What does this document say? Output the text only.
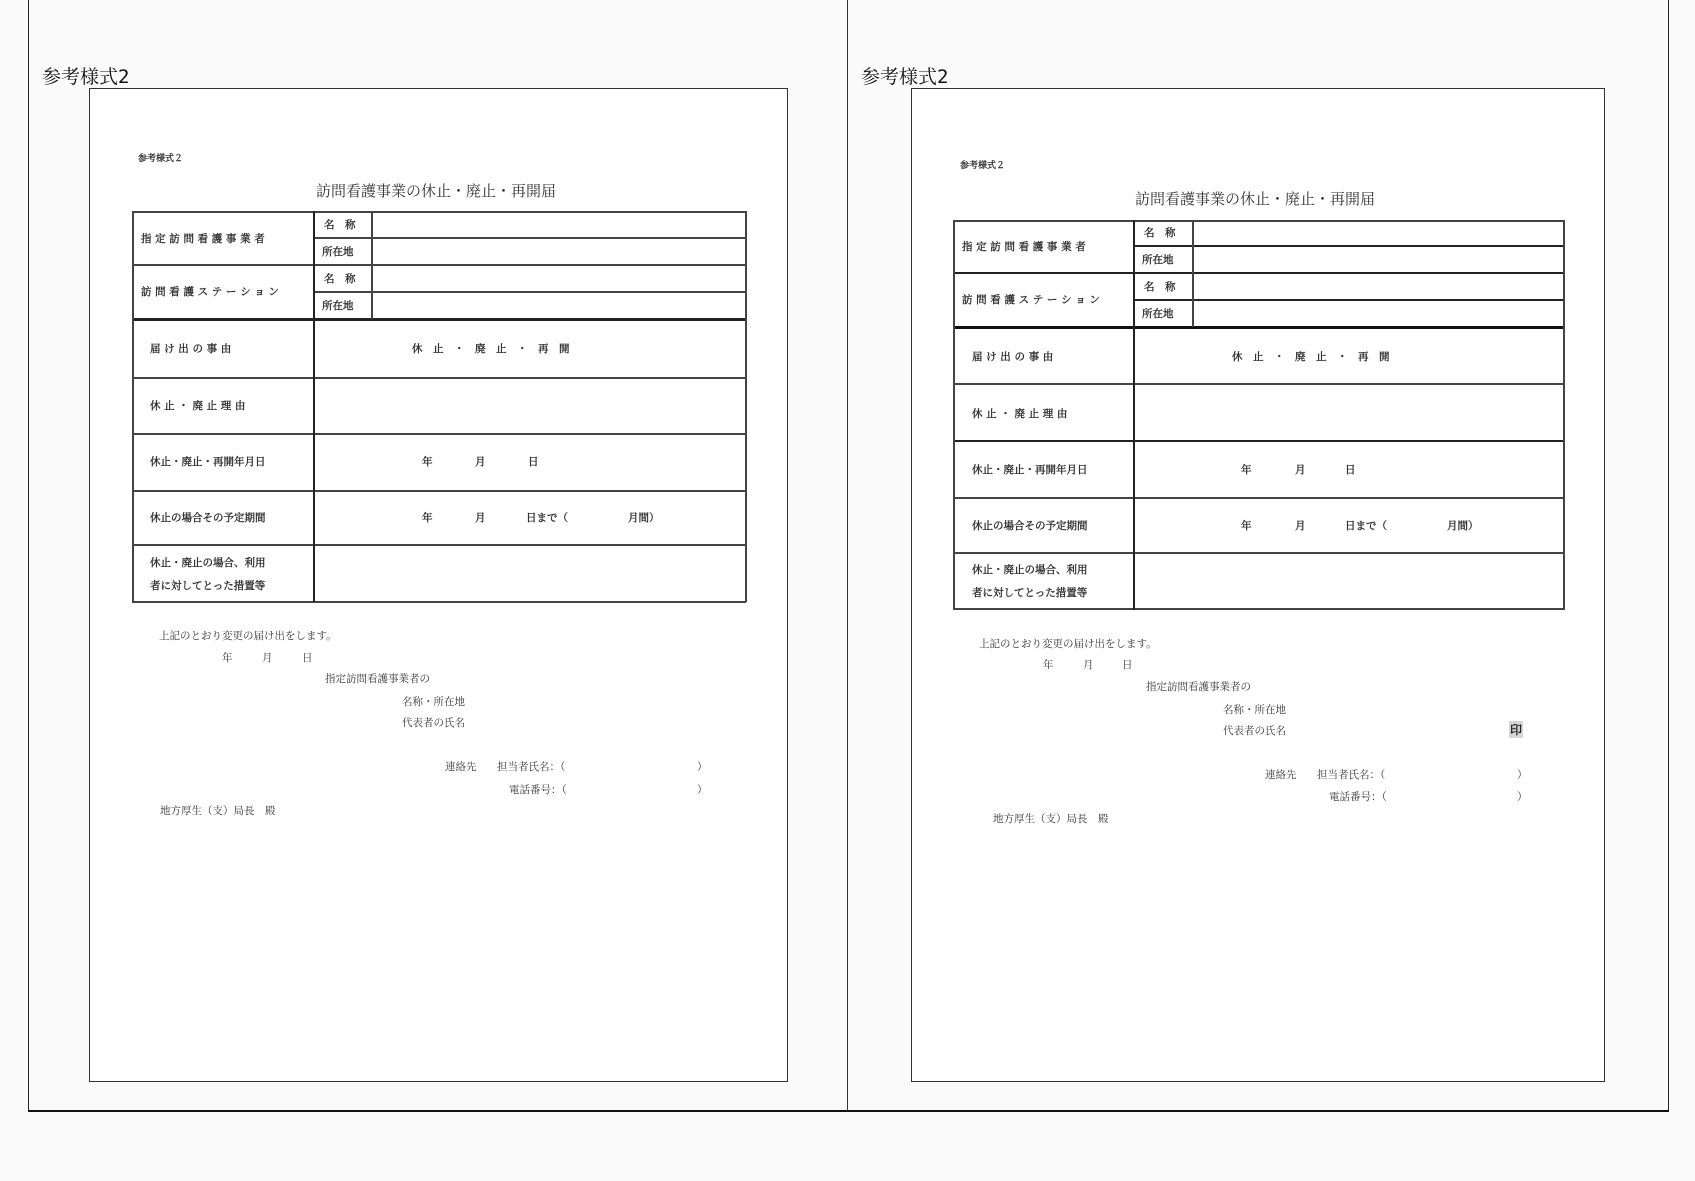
参考様式2	参考様式2
参考様式２
訪問看護事業の休止・廃止・再開届
指 定 訪 問 看 護 事 業 者
名　称
所在地
訪 問 看 護 ス テ ー シ ョ ン
名　称
所在地
届 け 出 の 事 由	休　止　・　廃　止　・　再　開
休 止 ・ 廃 止 理 由
休止・廃止・再開年月日	年	月	日
休止の場合その予定期間	年	月	日まで（	月間）
休止・廃止の場合、利用
者に対してとった措置等
上記のとおり変更の届け出をします。
年	月	日
指定訪問看護事業者の
名称・所在地
代表者の氏名
連絡先 担当者氏名：（	）
電話番号：（	）
地方厚生（支）局長　殿
参考様式２
訪問看護事業の休止・廃止・再開届
指 定 訪 問 看 護 事 業 者
名　称
所在地
訪 問 看 護 ス テ ー シ ョ ン
名　称
所在地
届 け 出 の 事 由	休　止　・　廃　止　・　再　開
休 止 ・ 廃 止 理 由
休止・廃止・再開年月日	年	月	日
休止の場合その予定期間	年	月	日まで（	月間）
休止・廃止の場合、利用
者に対してとった措置等
上記のとおり変更の届け出をします。
年	月	日
指定訪問看護事業者の
名称・所在地
代表者の氏名	印
連絡先 担当者氏名：（	）
電話番号：（	）
地方厚生（支）局長　殿
